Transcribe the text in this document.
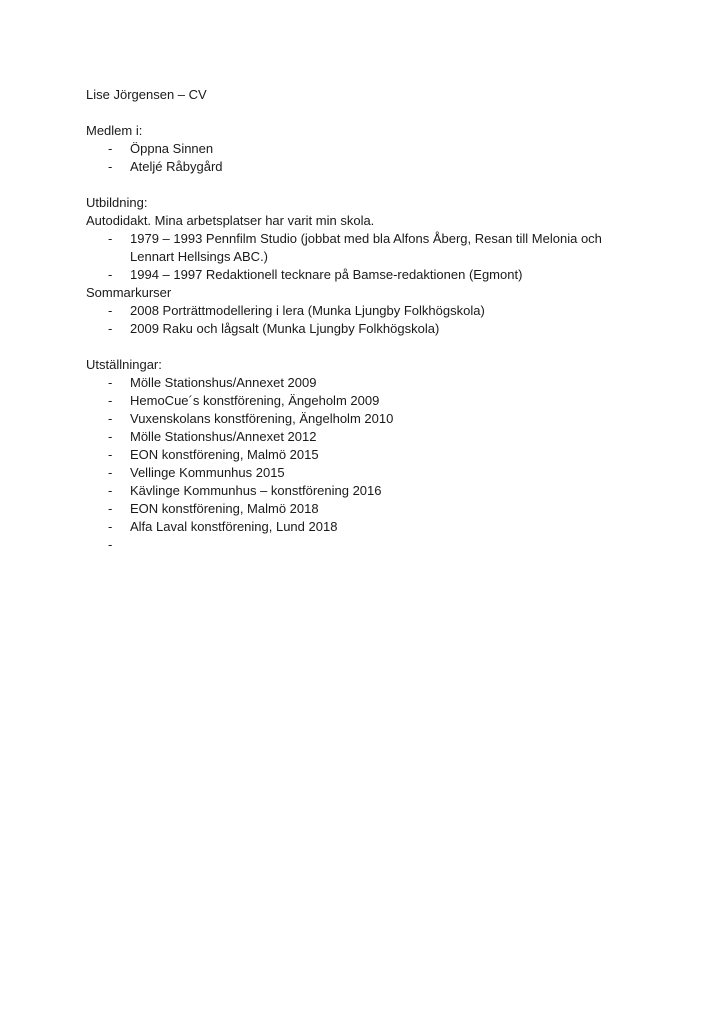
Lise Jörgensen – CV
Medlem i:
- Öppna Sinnen
- Ateljé Råbygård
Utbildning:
Autodidakt. Mina arbetsplatser har varit min skola.
- 1979 – 1993 Pennfilm Studio (jobbat med bla Alfons Åberg, Resan till Melonia och Lennart Hellsings ABC.)
- 1994 – 1997 Redaktionell tecknare på Bamse-redaktionen (Egmont)
Sommarkurser
- 2008 Porträttmodellering i lera (Munka Ljungby Folkhögskola)
- 2009 Raku och lågsalt (Munka Ljungby Folkhögskola)
Utställningar:
- Mölle Stationshus/Annexet 2009
- HemoCue´s konstförening, Ängeholm 2009
- Vuxenskolans konstförening, Ängelholm 2010
- Mölle Stationshus/Annexet 2012
- EON konstförening, Malmö 2015
- Vellinge Kommunhus 2015
- Kävlinge Kommunhus – konstförening 2016
- EON konstförening, Malmö 2018
- Alfa Laval konstförening, Lund 2018
-
